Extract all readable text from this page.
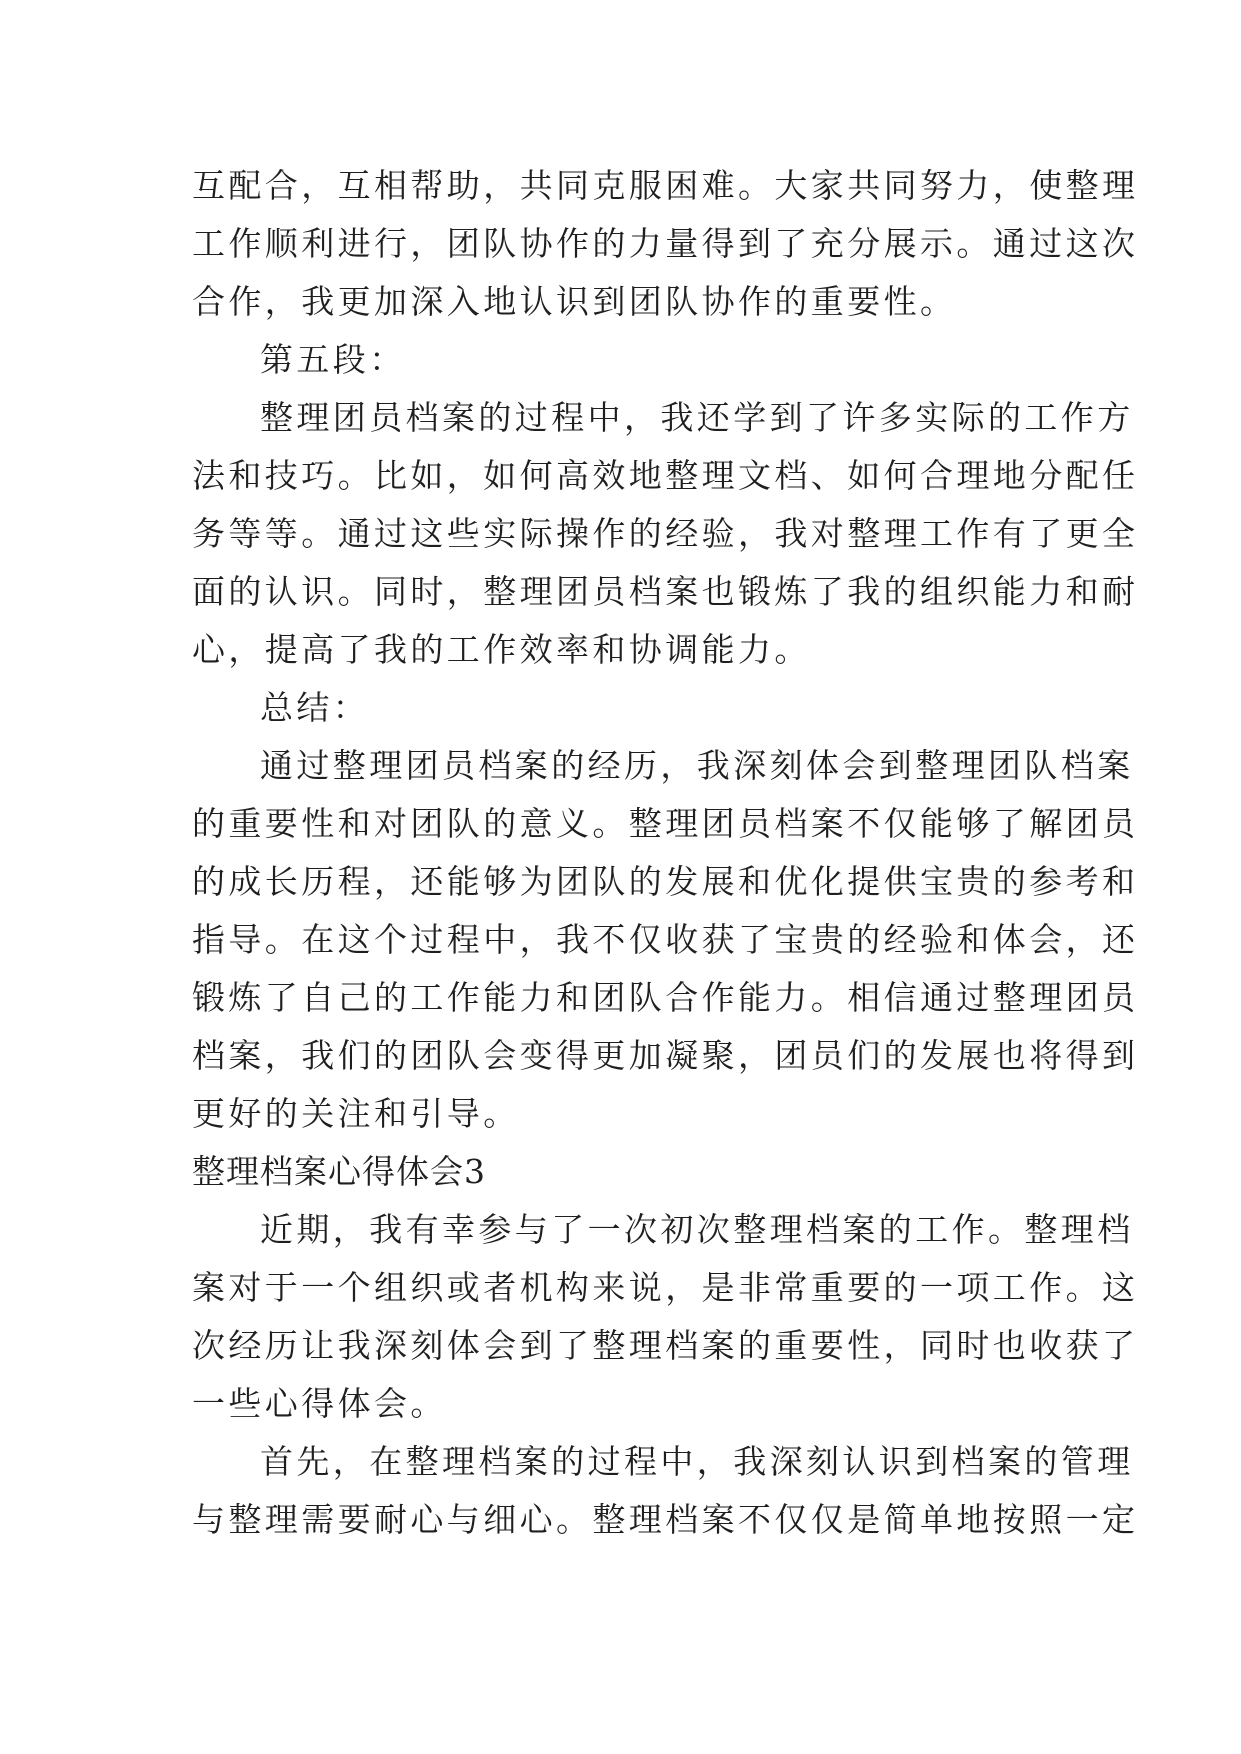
互配合，互相帮助，共同克服困难。大家共同努力，使整理
工作顺利进行，团队协作的力量得到了充分展示。通过这次
合作，我更加深入地认识到团队协作的重要性。
第五段：
整理团员档案的过程中，我还学到了许多实际的工作方
法和技巧。比如，如何高效地整理文档、如何合理地分配任
务等等。通过这些实际操作的经验，我对整理工作有了更全
面的认识。同时，整理团员档案也锻炼了我的组织能力和耐
心，提高了我的工作效率和协调能力。
总结：
通过整理团员档案的经历，我深刻体会到整理团队档案
的重要性和对团队的意义。整理团员档案不仅能够了解团员
的成长历程，还能够为团队的发展和优化提供宝贵的参考和
指导。在这个过程中，我不仅收获了宝贵的经验和体会，还
锻炼了自己的工作能力和团队合作能力。相信通过整理团员
档案，我们的团队会变得更加凝聚，团员们的发展也将得到
更好的关注和引导。
整理档案心得体会3
近期，我有幸参与了一次初次整理档案的工作。整理档
案对于一个组织或者机构来说，是非常重要的一项工作。这
次经历让我深刻体会到了整理档案的重要性，同时也收获了
一些心得体会。
首先，在整理档案的过程中，我深刻认识到档案的管理
与整理需要耐心与细心。整理档案不仅仅是简单地按照一定
